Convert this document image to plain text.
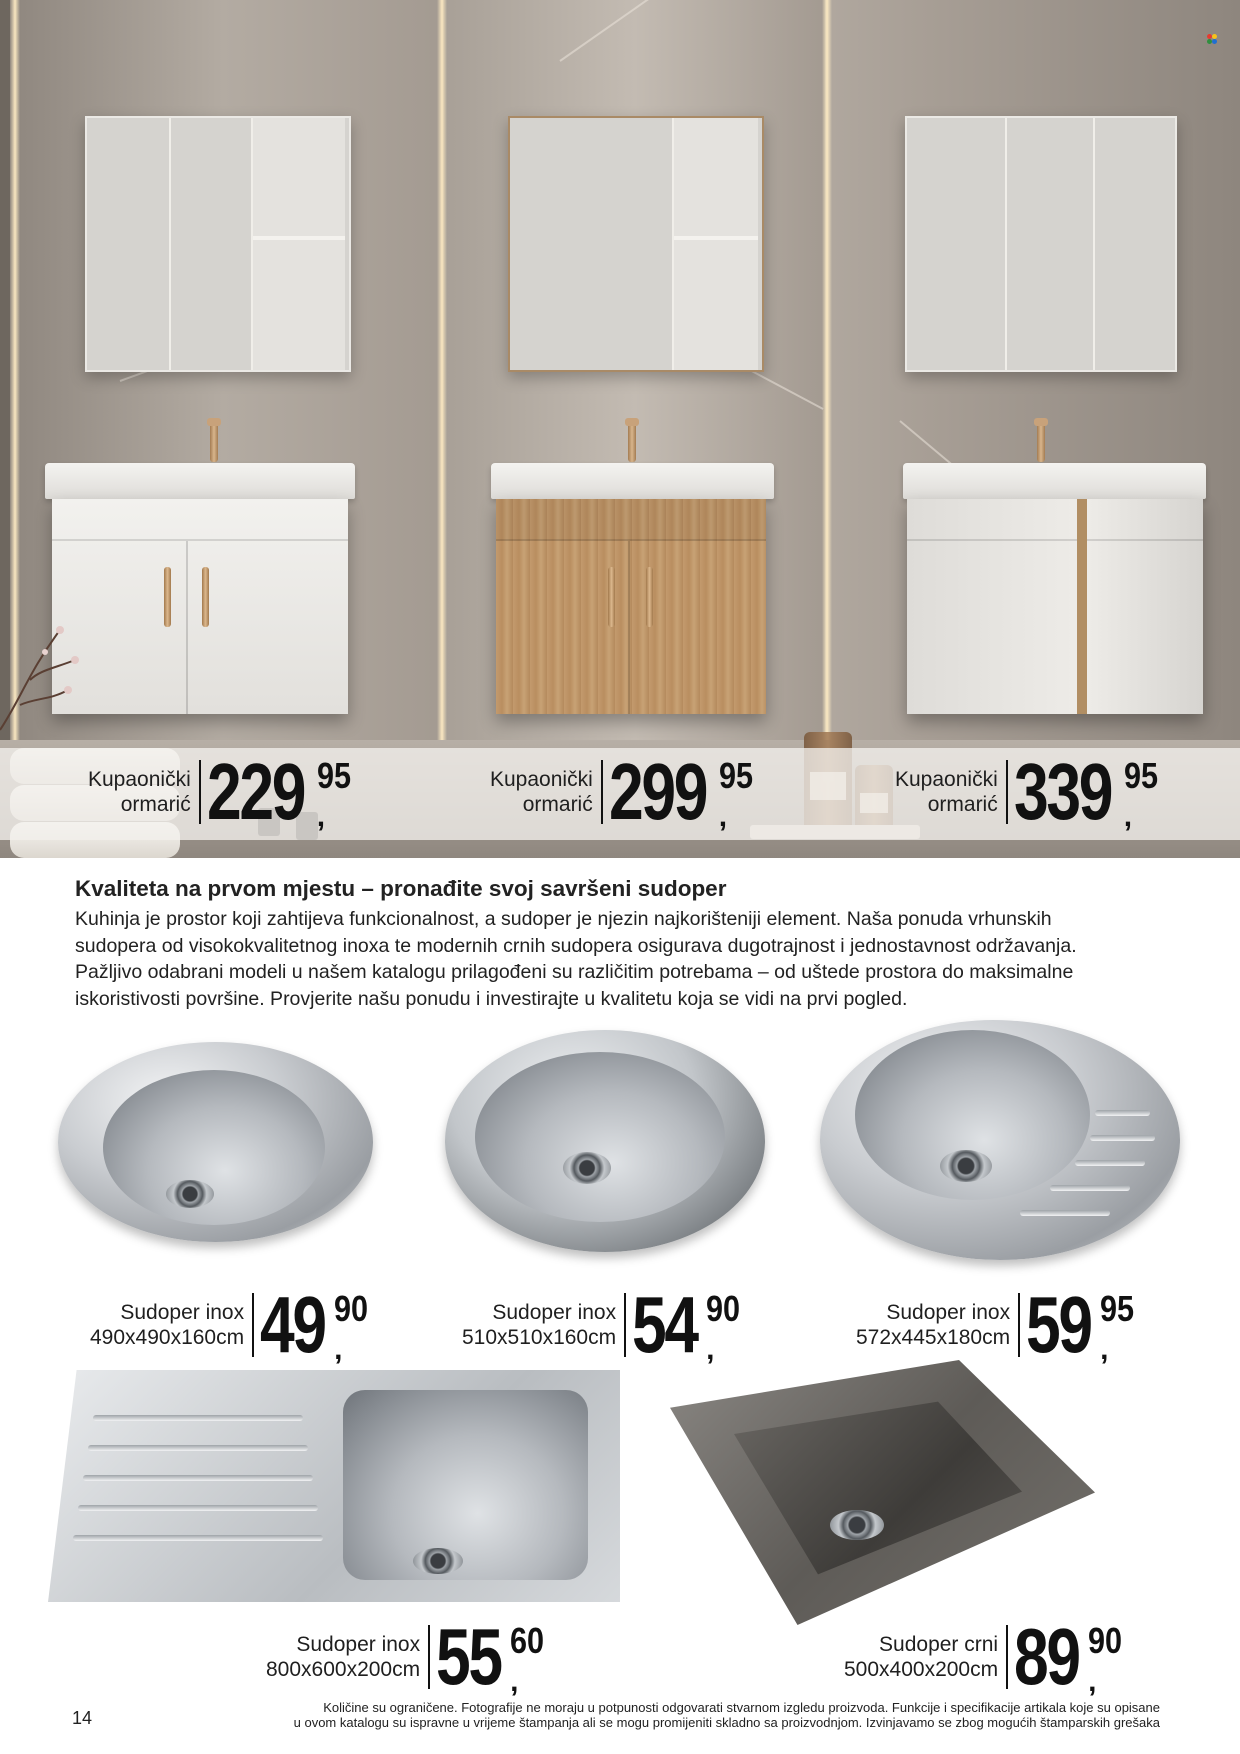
Kupaonički
ormarić 229 95
,
Kupaonički
ormarić 299 95
,
Kupaonički
ormarić 339 95
,
Kvaliteta na prvom mjestu – pronađite svoj savršeni sudoper

Kuhinja je prostor koji zahtijeva funkcionalnost, a sudoper je njezin najkorišteniji element. Naša ponuda vrhunskih
sudopera od visokokvalitetnog inoxa te modernih crnih sudopera osigurava dugotrajnost i jednostavnost održavanja.
Pažljivo odabrani modeli u našem katalogu prilagođeni su različitim potrebama – od uštede prostora do maksimalne
iskoristivosti površine. Provjerite našu ponudu i investirajte u kvalitetu koja se vidi na prvi pogled.

Sudoper inox
490x490x160cm 49 90
,
Sudoper inox
510x510x160cm 54 90
,
Sudoper inox
572x445x180cm 59 95
,
Sudoper inox
800x600x200cm 55 60
,
Sudoper crni
500x400x200cm 89 90
,
14
Količine su ograničene. Fotografije ne moraju u potpunosti odgovarati stvarnom izgledu proizvoda. Funkcije i specifikacije artikala koje su opisane
u ovom katalogu su ispravne u vrijeme štampanja ali se mogu promijeniti skladno sa proizvodnjom. Izvinjavamo se zbog mogućih štamparskih grešaka
